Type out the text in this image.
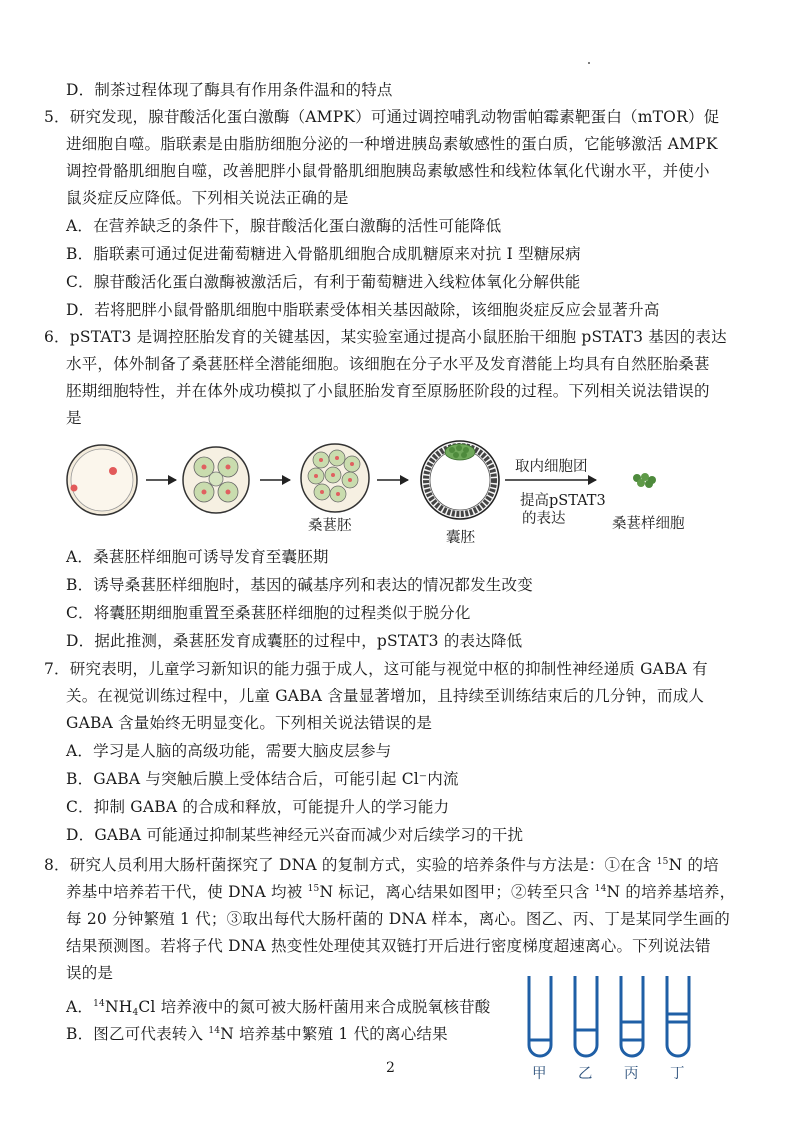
D．制茶过程体现了酶具有作用条件温和的特点
5．研究发现，腺苷酸活化蛋白激酶（AMPK）可通过调控哺乳动物雷帕霉素靶蛋白（mTOR）促
进细胞自噬。脂联素是由脂肪细胞分泌的一种增进胰岛素敏感性的蛋白质，它能够激活 AMPK
调控骨骼肌细胞自噬，改善肥胖小鼠骨骼肌细胞胰岛素敏感性和线粒体氧化代谢水平，并使小
鼠炎症反应降低。下列相关说法正确的是
A．在营养缺乏的条件下，腺苷酸活化蛋白激酶的活性可能降低
B．脂联素可通过促进葡萄糖进入骨骼肌细胞合成肌糖原来对抗 I 型糖尿病
C．腺苷酸活化蛋白激酶被激活后，有利于葡萄糖进入线粒体氧化分解供能
D．若将肥胖小鼠骨骼肌细胞中脂联素受体相关基因敲除，该细胞炎症反应会显著升高
6．pSTAT3 是调控胚胎发育的关键基因，某实验室通过提高小鼠胚胎干细胞 pSTAT3 基因的表达
水平，体外制备了桑葚胚样全潜能细胞。该细胞在分子水平及发育潜能上均具有自然胚胎桑葚
胚期细胞特性，并在体外成功模拟了小鼠胚胎发育至原肠胚阶段的过程。下列相关说法错误的
是
A．桑葚胚样细胞可诱导发育至囊胚期
B．诱导桑葚胚样细胞时，基因的碱基序列和表达的情况都发生改变
C．将囊胚期细胞重置至桑葚胚样细胞的过程类似于脱分化
D．据此推测，桑葚胚发育成囊胚的过程中，pSTAT3 的表达降低
7．研究表明，儿童学习新知识的能力强于成人，这可能与视觉中枢的抑制性神经递质 GABA 有
关。在视觉训练过程中，儿童 GABA 含量显著增加，且持续至训练结束后的几分钟，而成人
GABA 含量始终无明显变化。下列相关说法错误的是
A．学习是人脑的高级功能，需要大脑皮层参与
B．GABA 与突触后膜上受体结合后，可能引起 Cl⁻内流
C．抑制 GABA 的合成和释放，可能提升人的学习能力
D．GABA 可能通过抑制某些神经元兴奋而减少对后续学习的干扰
8．研究人员利用大肠杆菌探究了 DNA 的复制方式，实验的培养条件与方法是：①在含 $^{15}$N 的培
养基中培养若干代，使 DNA 均被 $^{15}$N 标记，离心结果如图甲；②转至只含 $^{14}$N 的培养基培养，
每 20 分钟繁殖 1 代；③取出每代大肠杆菌的 DNA 样本，离心。图乙、丙、丁是某同学生画的
结果预测图。若将子代 DNA 热变性处理使其双链打开后进行密度梯度超速离心。下列说法错
误的是
A．$^{14}NH_4Cl$ 培养液中的氮可被大肠杆菌用来合成脱氧核苷酸
B．图乙可代表转入 $^{14}$N 培养基中繁殖 1 代的离心结果
取内细胞团
提高pSTAT3
的表达
桑葚胚
囊胚
桑葚样细胞
甲 乙 丙 丁
2
